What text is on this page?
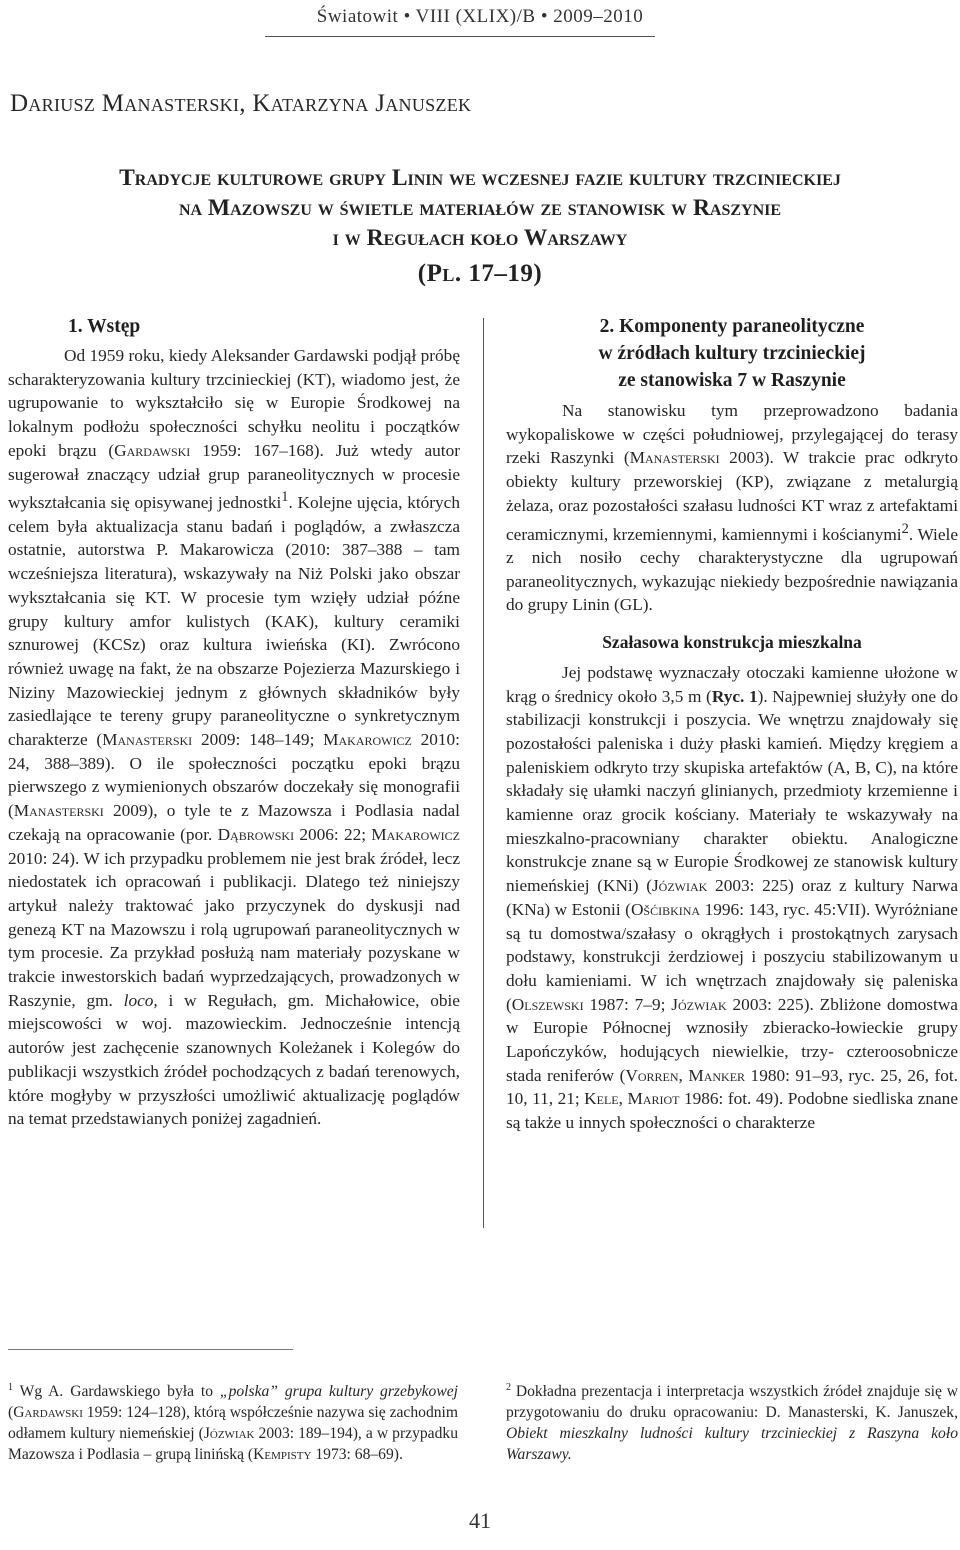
Światowit • VIII (XLIX)/B • 2009–2010
Dariusz Manasterski, Katarzyna Januszek
Tradycje kulturowe grupy Linin we wczesnej fazie kultury trzcinieckiej
na Mazowszu w świetle materiałów ze stanowisk w Raszynie
i w Regułach koło Warszawy
(Pl. 17–19)
1. Wstęp

Od 1959 roku, kiedy Aleksander Gardawski podjął próbę scharakteryzowania kultury trzcinieckiej (KT), wiadomo jest, że ugrupowanie to wykształciło się w Europie Środkowej na lokalnym podłożu społeczności schyłku neolitu i początków epoki brązu (Gardawski 1959: 167–168). Już wtedy autor sugerował znaczący udział grup paraneolitycznych w procesie wykształcania się opisywanej jednostki$^1$. Kolejne ujęcia, których celem była aktualizacja stanu badań i poglądów, a zwłaszcza ostatnie, autorstwa P. Makarowicza (2010: 387–388 – tam wcześniejsza literatura), wskazywały na Niż Polski jako obszar wykształcania się KT. W procesie tym wzięły udział późne grupy kultury amfor kulistych (KAK), kultury ceramiki sznurowej (KCSz) oraz kultura iwieńska (KI). Zwrócono również uwagę na fakt, że na obszarze Pojezierza Mazurskiego i Niziny Mazowieckiej jednym z głównych składników były zasiedlające te tereny grupy paraneolityczne o synkretycznym charakterze (Manasterski 2009: 148–149; Makarowicz 2010: 24, 388–389). O ile społeczności początku epoki brązu pierwszego z wymienionych obszarów doczekały się monografii (Manasterski 2009), o tyle te z Mazowsza i Podlasia nadal czekają na opracowanie (por. Dąbrowski 2006: 22; Makarowicz 2010: 24). W ich przypadku problemem nie jest brak źródeł, lecz niedostatek ich opracowań i publikacji. Dlatego też niniejszy artykuł należy traktować jako przyczynek do dyskusji nad genezą KT na Mazowszu i rolą ugrupowań paraneolitycznych w tym procesie. Za przykład posłużą nam materiały pozyskane w trakcie inwestorskich badań wyprzedzających, prowadzonych w Raszynie, gm. loco, i w Regułach, gm. Michałowice, obie miejscowości w woj. mazowieckim. Jednocześnie intencją autorów jest zachęcenie szanownych Koleżanek i Kolegów do publikacji wszystkich źródeł pochodzących z badań terenowych, które mogłyby w przyszłości umożliwić aktualizację poglądów na temat przedstawianych poniżej zagadnień.

2. Komponenty paraneolityczne
w źródłach kultury trzcinieckiej
ze stanowiska 7 w Raszynie

Na stanowisku tym przeprowadzono badania wykopaliskowe w części południowej, przylegającej do terasy rzeki Raszynki (Manasterski 2003). W trakcie prac odkryto obiekty kultury przeworskiej (KP), związane z metalurgią żelaza, oraz pozostałości szałasu ludności KT wraz z artefaktami ceramicznymi, krzemiennymi, kamiennymi i kościanymi$^2$. Wiele z nich nosiło cechy charakterystyczne dla ugrupowań paraneolitycznych, wykazując niekiedy bezpośrednie nawiązania do grupy Linin (GL).

Szałasowa konstrukcja mieszkalna

Jej podstawę wyznaczały otoczaki kamienne ułożone w krąg o średnicy około 3,5 m (Ryc. 1). Najpewniej służyły one do stabilizacji konstrukcji i poszycia. We wnętrzu znajdowały się pozostałości paleniska i duży płaski kamień. Między kręgiem a paleniskiem odkryto trzy skupiska artefaktów (A, B, C), na które składały się ułamki naczyń glinianych, przedmioty krzemienne i kamienne oraz grocik kościany. Materiały te wskazywały na mieszkalno-pracowniany charakter obiektu. Analogiczne konstrukcje znane są w Europie Środkowej ze stanowisk kultury niemeńskiej (KNi) (Józwiak 2003: 225) oraz z kultury Narwa (KNa) w Estonii (Ošćibkina 1996: 143, ryc. 45:VII). Wyróżniane są tu domostwa/szałasy o okrągłych i prostokątnych zarysach podstawy, konstrukcji żerdziowej i poszyciu stabilizowanym u dołu kamieniami. W ich wnętrzach znajdowały się paleniska (Olszewski 1987: 7–9; Józwiak 2003: 225). Zbliżone domostwa w Europie Północnej wznosiły zbieracko-łowieckie grupy Lapończyków, hodujących niewielkie, trzy- czteroosobnicze stada reniferów (Vorren, Manker 1980: 91–93, ryc. 25, 26, fot. 10, 11, 21; Kele, Mariot 1986: fot. 49). Podobne siedliska znane są także u innych społeczności o charakterze

$^1$ Wg A. Gardawskiego była to „polska” grupa kultury grzebykowej (Gardawski 1959: 124–128), którą współcześnie nazywa się zachodnim odłamem kultury niemeńskiej (Józwiak 2003: 189–194), a w przypadku Mazowsza i Podlasia – grupą linińską (Kempisty 1973: 68–69).
$^2$ Dokładna prezentacja i interpretacja wszystkich źródeł znajduje się w przygotowaniu do druku opracowaniu: D. Manasterski, K. Januszek, Obiekt mieszkalny ludności kultury trzcinieckiej z Raszyna koło Warszawy.
41
